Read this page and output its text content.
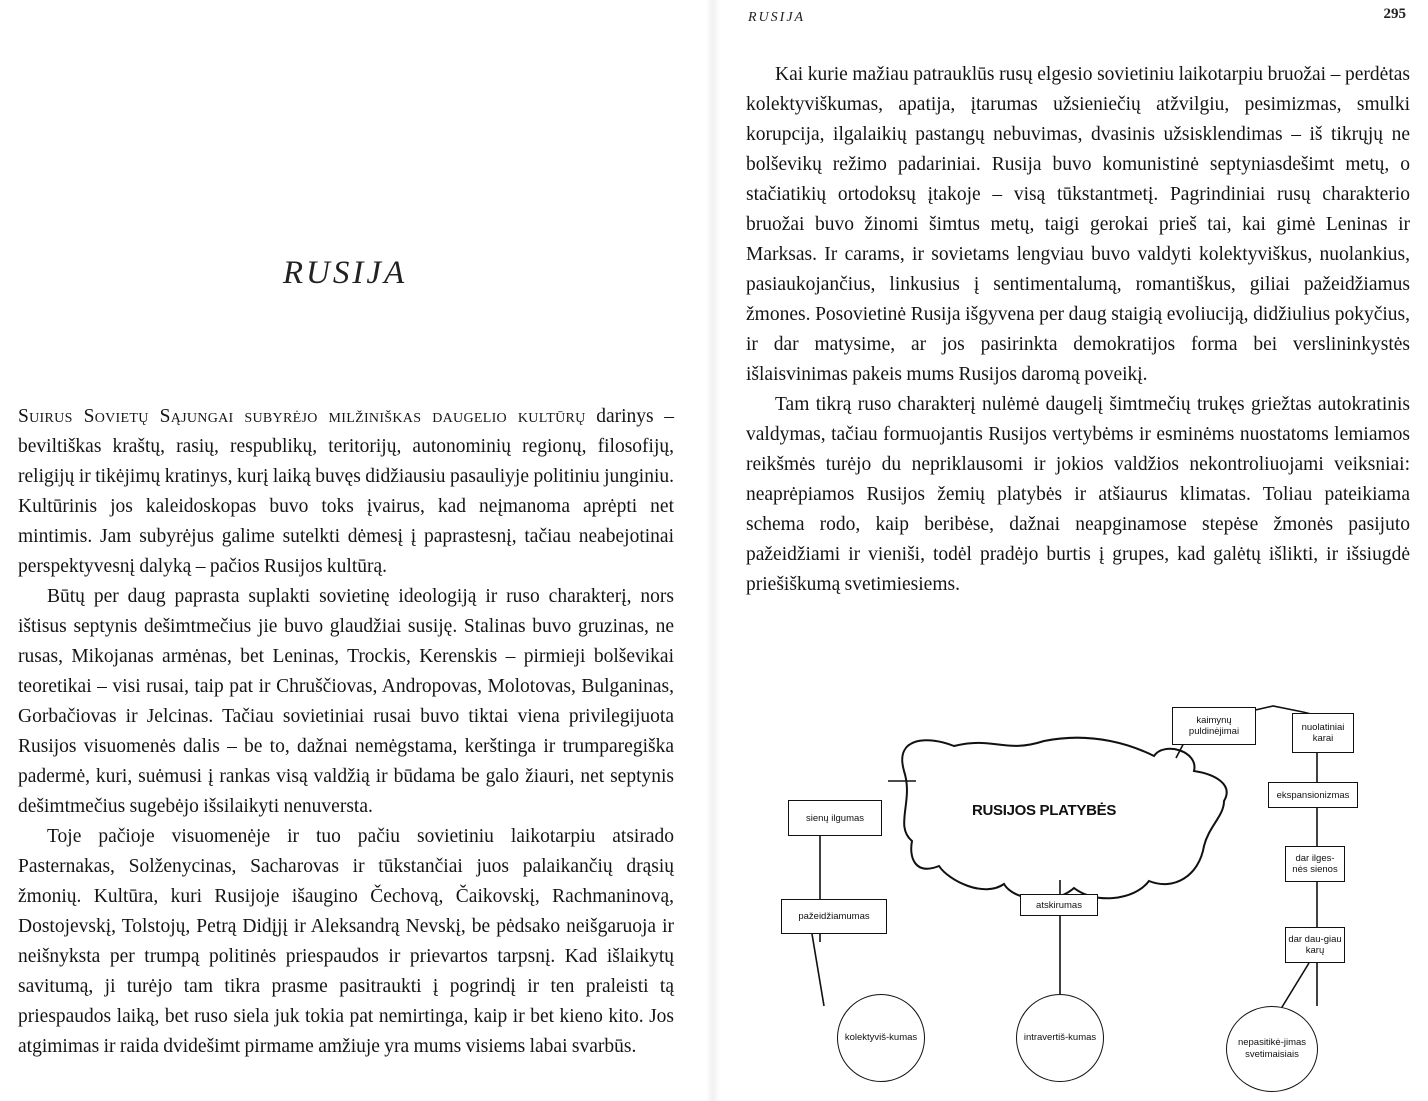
RUSIJA

Suirus Sovietų Sąjungai subyrėjo milžiniškas daugelio kultūrų darinys – beviltiškas kraštų, rasių, respublikų, teritorijų, autonominių regionų, filosofijų, religijų ir tikėjimų kratinys, kurį laiką buvęs didžiausiu pasauliyje politiniu junginiu. Kultūrinis jos kaleidoskopas buvo toks įvairus, kad neįmanoma aprėpti net mintimis. Jam subyrėjus galime sutelkti dėmesį į paprastesnį, tačiau neabejotinai perspektyvesnį dalyką – pačios Rusijos kultūrą.

Būtų per daug paprasta suplakti sovietinę ideologiją ir ruso charakterį, nors ištisus septynis dešimtmečius jie buvo glaudžiai susiję. Stalinas buvo gruzinas, ne rusas, Mikojanas armėnas, bet Leninas, Trockis, Kerenskis – pirmieji bolševikai teoretikai – visi rusai, taip pat ir Chruščiovas, Andropovas, Molotovas, Bulganinas, Gorbačiovas ir Jelcinas. Tačiau sovietiniai rusai buvo tiktai viena privilegijuota Rusijos visuomenės dalis – be to, dažnai nemėgstama, kerštinga ir trumparegiška padermė, kuri, suėmusi į rankas visą valdžią ir būdama be galo žiauri, net septynis dešimtmečius sugebėjo išsilaikyti nenuversta.

Toje pačioje visuomenėje ir tuo pačiu sovietiniu laikotarpiu atsirado Pasternakas, Solženycinas, Sacharovas ir tūkstančiai juos palaikančių drąsių žmonių. Kultūra, kuri Rusijoje išaugino Čechovą, Čaikovskį, Rachmaninovą, Dostojevskį, Tolstojų, Petrą Didįjį ir Aleksandrą Nevskį, be pėdsako neišgaruoja ir neišnyksta per trumpą politinės priespaudos ir prievartos tarpsnį. Kad išlaikytų savitumą, ji turėjo tam tikra prasme pasitraukti į pogrindį ir ten praleisti tą priespaudos laiką, bet ruso siela juk tokia pat nemirtinga, kaip ir bet kieno kito. Jos atgimimas ir raida dvidešimt pirmame amžiuje yra mums visiems labai svarbūs.

RUSIJA	295

Kai kurie mažiau patrauklūs rusų elgesio sovietiniu laikotarpiu bruožai – perdėtas kolektyviškumas, apatija, įtarumas užsieniečių atžvilgiu, pesimizmas, smulki korupcija, ilgalaikių pastangų nebuvimas, dvasinis užsisklendimas – iš tikrųjų ne bolševikų režimo padariniai. Rusija buvo komunistinė septyniasdešimt metų, o stačiatikių ortodoksų įtakoje – visą tūkstantmetį. Pagrindiniai rusų charakterio bruožai buvo žinomi šimtus metų, taigi gerokai prieš tai, kai gimė Leninas ir Marksas. Ir carams, ir sovietams lengviau buvo valdyti kolektyviškus, nuolankius, pasiaukojančius, linkusius į sentimentalumą, romantiškus, giliai pažeidžiamus žmones. Posovietinė Rusija išgyvena per daug staigią evoliuciją, didžiulius pokyčius, ir dar matysime, ar jos pasirinkta demokratijos forma bei verslininkystės išlaisvinimas pakeis mums Rusijos daromą poveikį.

Tam tikrą ruso charakterį nulėmė daugelį šimtmečių trukęs griežtas autokratinis valdymas, tačiau formuojantis Rusijos vertybėms ir esminėms nuostatoms lemiamos reikšmės turėjo du nepriklausomi ir jokios valdžios nekontroliuojami veiksniai: neaprėpiamos Rusijos žemių platybės ir atšiaurus klimatas. Toliau pateikiama schema rodo, kaip beribėse, dažnai neapginamose stepėse žmonės pasijuto pažeidžiami ir vieniši, todėl pradėjo burtis į grupes, kad galėtų išlikti, ir išsiugdė priešiškumą svetimiesiems.

RUSIJOS PLATYBĖS
sienų ilgumas
pažeidžiamumas
atskirumas
kaimynų puldinėjimai	nuolatiniai karai
ekspansionizmas
dar ilges-nės sienos
dar dau-giau karų
kolektyviš-kumas	intravertiš-kumas	nepasitikė-jimas svetimaisiais
